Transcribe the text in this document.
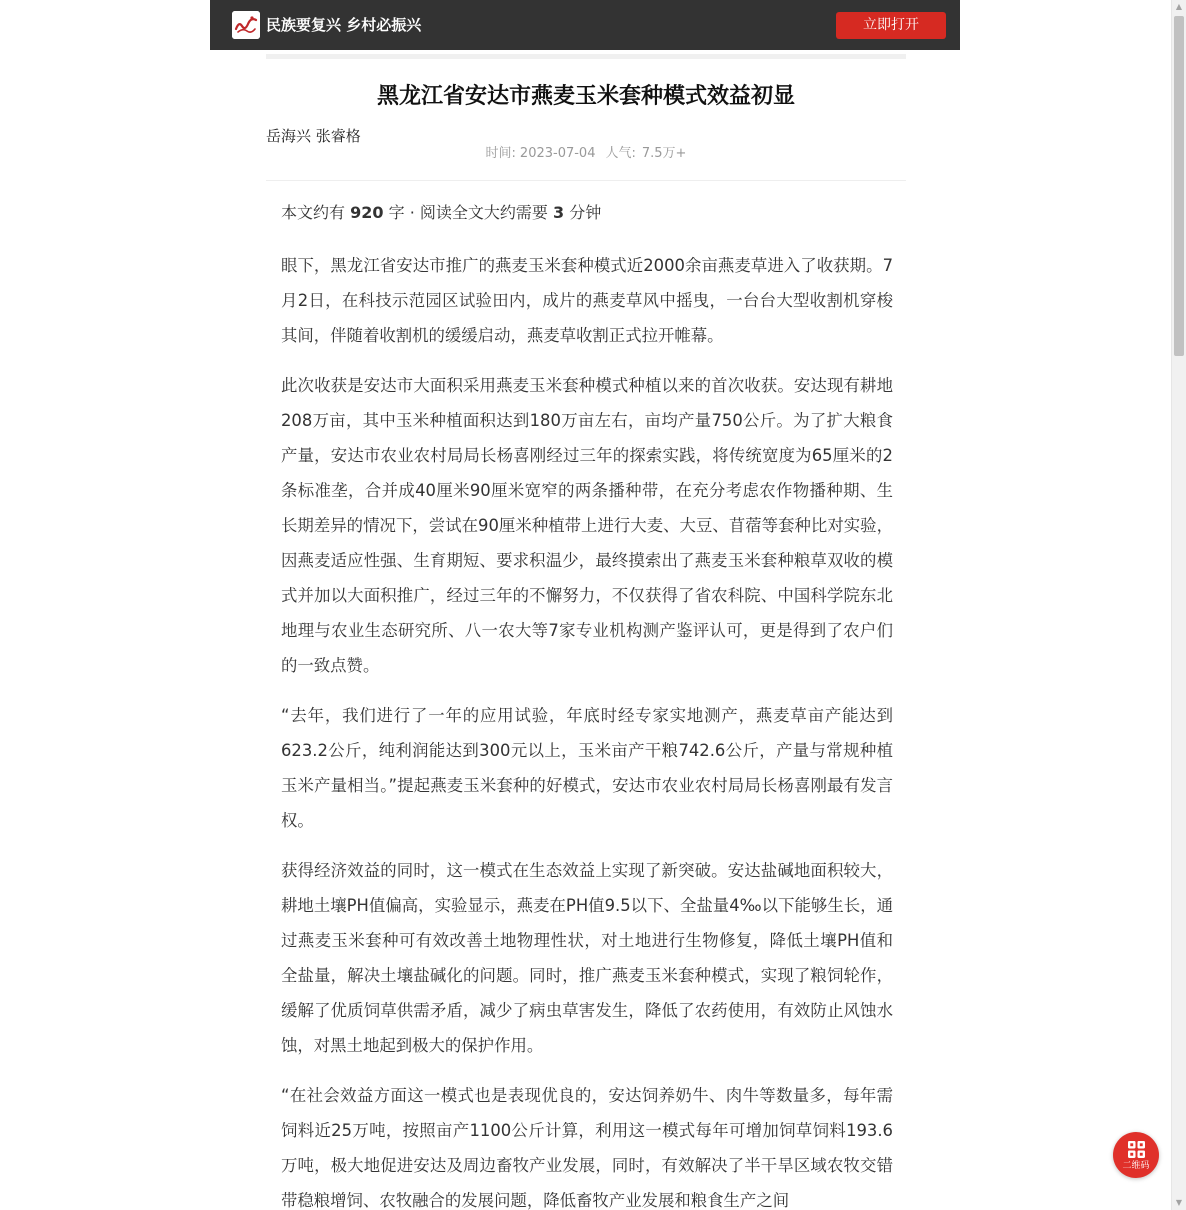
民族要复兴 乡村必振兴	立即打开
黑龙江省安达市燕麦玉米套种模式效益初显
岳海兴 张睿格
时间: 2023-07-04 人气: 7.5万+
本文约有 920 字 · 阅读全文大约需要 3 分钟

眼下，黑龙江省安达市推广的燕麦玉米套种模式近2000余亩燕麦草进入了收获期。7月2日，在科技示范园区试验田内，成片的燕麦草风中摇曳，一台台大型收割机穿梭其间，伴随着收割机的缓缓启动，燕麦草收割正式拉开帷幕。

此次收获是安达市大面积采用燕麦玉米套种模式种植以来的首次收获。安达现有耕地208万亩，其中玉米种植面积达到180万亩左右，亩均产量750公斤。为了扩大粮食产量，安达市农业农村局局长杨喜刚经过三年的探索实践，将传统宽度为65厘米的2条标准垄，合并成40厘米90厘米宽窄的两条播种带，在充分考虑农作物播种期、生长期差异的情况下，尝试在90厘米种植带上进行大麦、大豆、苜蓿等套种比对实验，因燕麦适应性强、生育期短、要求积温少，最终摸索出了燕麦玉米套种粮草双收的模式并加以大面积推广，经过三年的不懈努力，不仅获得了省农科院、中国科学院东北地理与农业生态研究所、八一农大等7家专业机构测产鉴评认可，更是得到了农户们的一致点赞。

“去年，我们进行了一年的应用试验，年底时经专家实地测产，燕麦草亩产能达到623.2公斤，纯利润能达到300元以上，玉米亩产干粮742.6公斤，产量与常规种植玉米产量相当。”提起燕麦玉米套种的好模式，安达市农业农村局局长杨喜刚最有发言权。

获得经济效益的同时，这一模式在生态效益上实现了新突破。安达盐碱地面积较大，耕地土壤PH值偏高，实验显示，燕麦在PH值9.5以下、全盐量4‰以下能够生长，通过燕麦玉米套种可有效改善土地物理性状，对土地进行生物修复，降低土壤PH值和全盐量，解决土壤盐碱化的问题。同时，推广燕麦玉米套种模式，实现了粮饲轮作，缓解了优质饲草供需矛盾，减少了病虫草害发生，降低了农药使用，有效防止风蚀水蚀，对黑土地起到极大的保护作用。

“在社会效益方面这一模式也是表现优良的，安达饲养奶牛、肉牛等数量多，每年需饲料近25万吨，按照亩产1100公斤计算，利用这一模式每年可增加饲草饲料193.6万吨，极大地促进安达及周边畜牧产业发展，同时，有效解决了半干旱区域农牧交错带稳粮增饲、农牧融合的发展问题，降低畜牧产业发展和粮食生产之间

二维码
▲
▼
